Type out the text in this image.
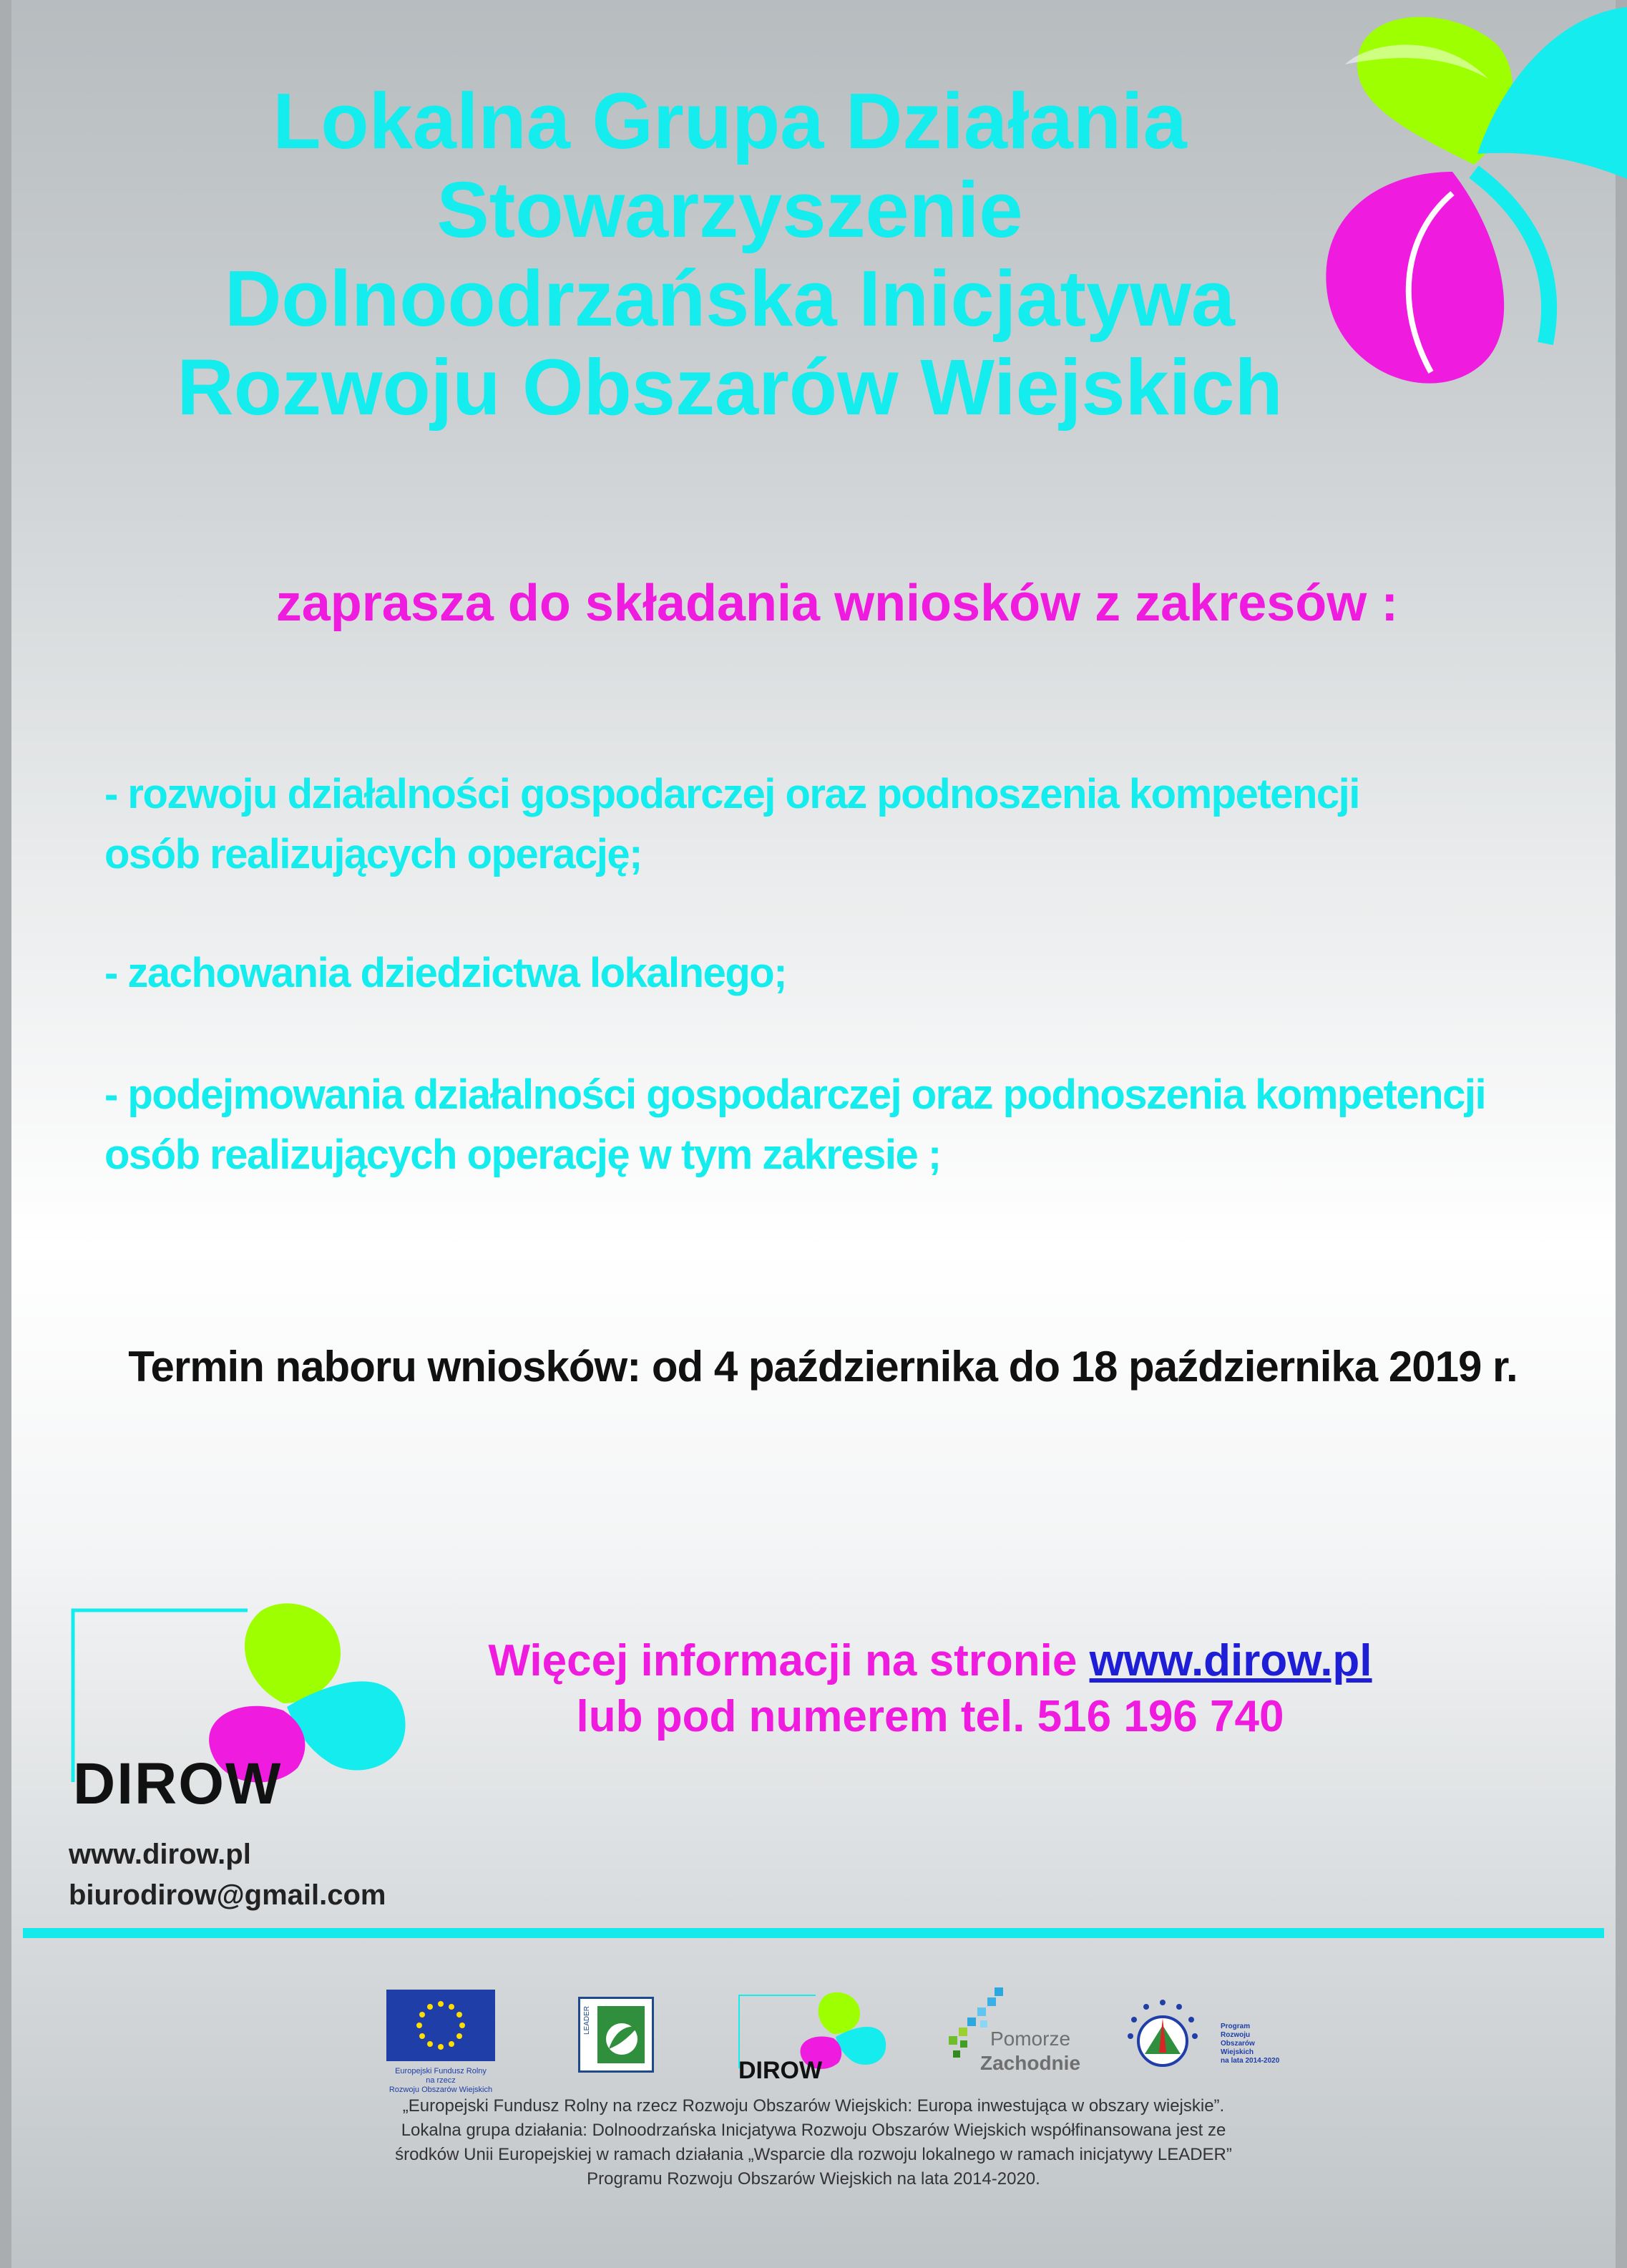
Lokalna Grupa Działania
Stowarzyszenie
Dolnoodrzańska Inicjatywa
Rozwoju Obszarów Wiejskich

zaprasza do składania wniosków z zakresów :

- rozwoju działalności gospodarczej oraz podnoszenia kompetencji
osób realizujących operację;

- zachowania dziedzictwa lokalnego;

- podejmowania działalności gospodarczej oraz podnoszenia kompetencji
osób realizujących operację w tym zakresie ;

Termin naboru wniosków: od 4 października do 18 października 2019 r.

DIROW
Więcej informacji na stronie www.dirow.pl
lub pod numerem tel. 516 196 740
www.dirow.pl
biurodirow@gmail.com
Europejski Fundusz Rolny
na rzecz
Rozwoju Obszarów Wiejskich
LEADER
DIROW
Pomorze
Zachodnie
Program
Rozwoju
Obszarów
Wiejskich
na lata 2014-2020

„Europejski Fundusz Rolny na rzecz Rozwoju Obszarów Wiejskich: Europa inwestująca w obszary wiejskie”.
Lokalna grupa działania: Dolnoodrzańska Inicjatywa Rozwoju Obszarów Wiejskich współfinansowana jest ze
środków Unii Europejskiej w ramach działania „Wsparcie dla rozwoju lokalnego w ramach inicjatywy LEADER”
Programu Rozwoju Obszarów Wiejskich na lata 2014-2020.
